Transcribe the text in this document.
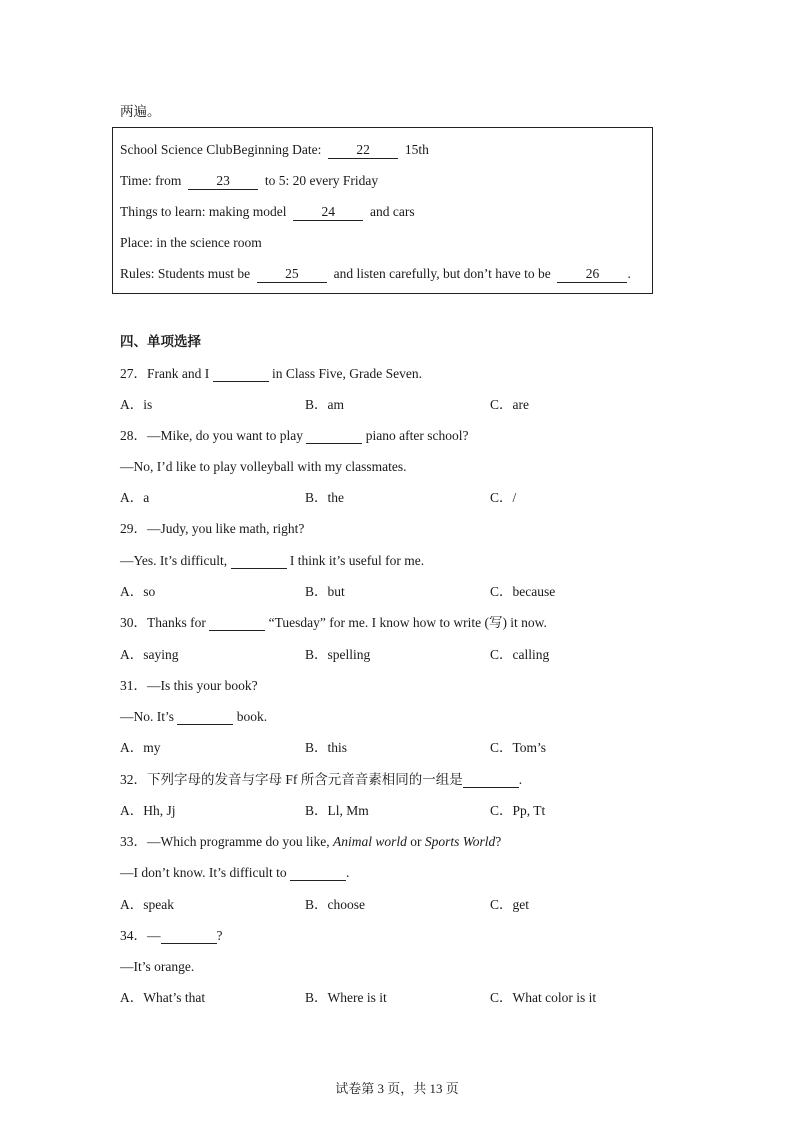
两遍。
School Science ClubBeginning Date:	22	15th
Time: from	23	to 5: 20 every Friday
Things to learn: making model	24	and cars
Place: in the science room
Rules: Students must be	25	and listen carefully, but don’t have to be	26 .
四、单项选择
27．Frank and I	in Class Five, Grade Seven.
A．is	B．am	C．are
28．—Mike, do you want to play	piano after school?
—No, I’d like to play volleyball with my classmates.
A．a	B．the	C．/
29．—Judy, you like math, right?
—Yes. It’s difficult,	I think it’s useful for me.
A．so	B．but	C．because
30．Thanks for	“Tuesday” for me. I know how to write (写) it now.
A．saying	B．spelling	C．calling
31．—Is this your book?
—No. It’s	book.
A．my	B．this	C．Tom’s
32．下列字母的发音与字母 Ff 所含元音音素相同的一组是	.
A．Hh, Jj	B．Ll, Mm	C．Pp, Tt
33．—Which programme do you like, Animal world or Sports World?
—I don’t know. It’s difficult to	.
A．speak	B．choose	C．get
34．—	?
—It’s orange.
A．What’s that	B．Where is it	C．What color is it
试卷第 3 页，共 13 页
